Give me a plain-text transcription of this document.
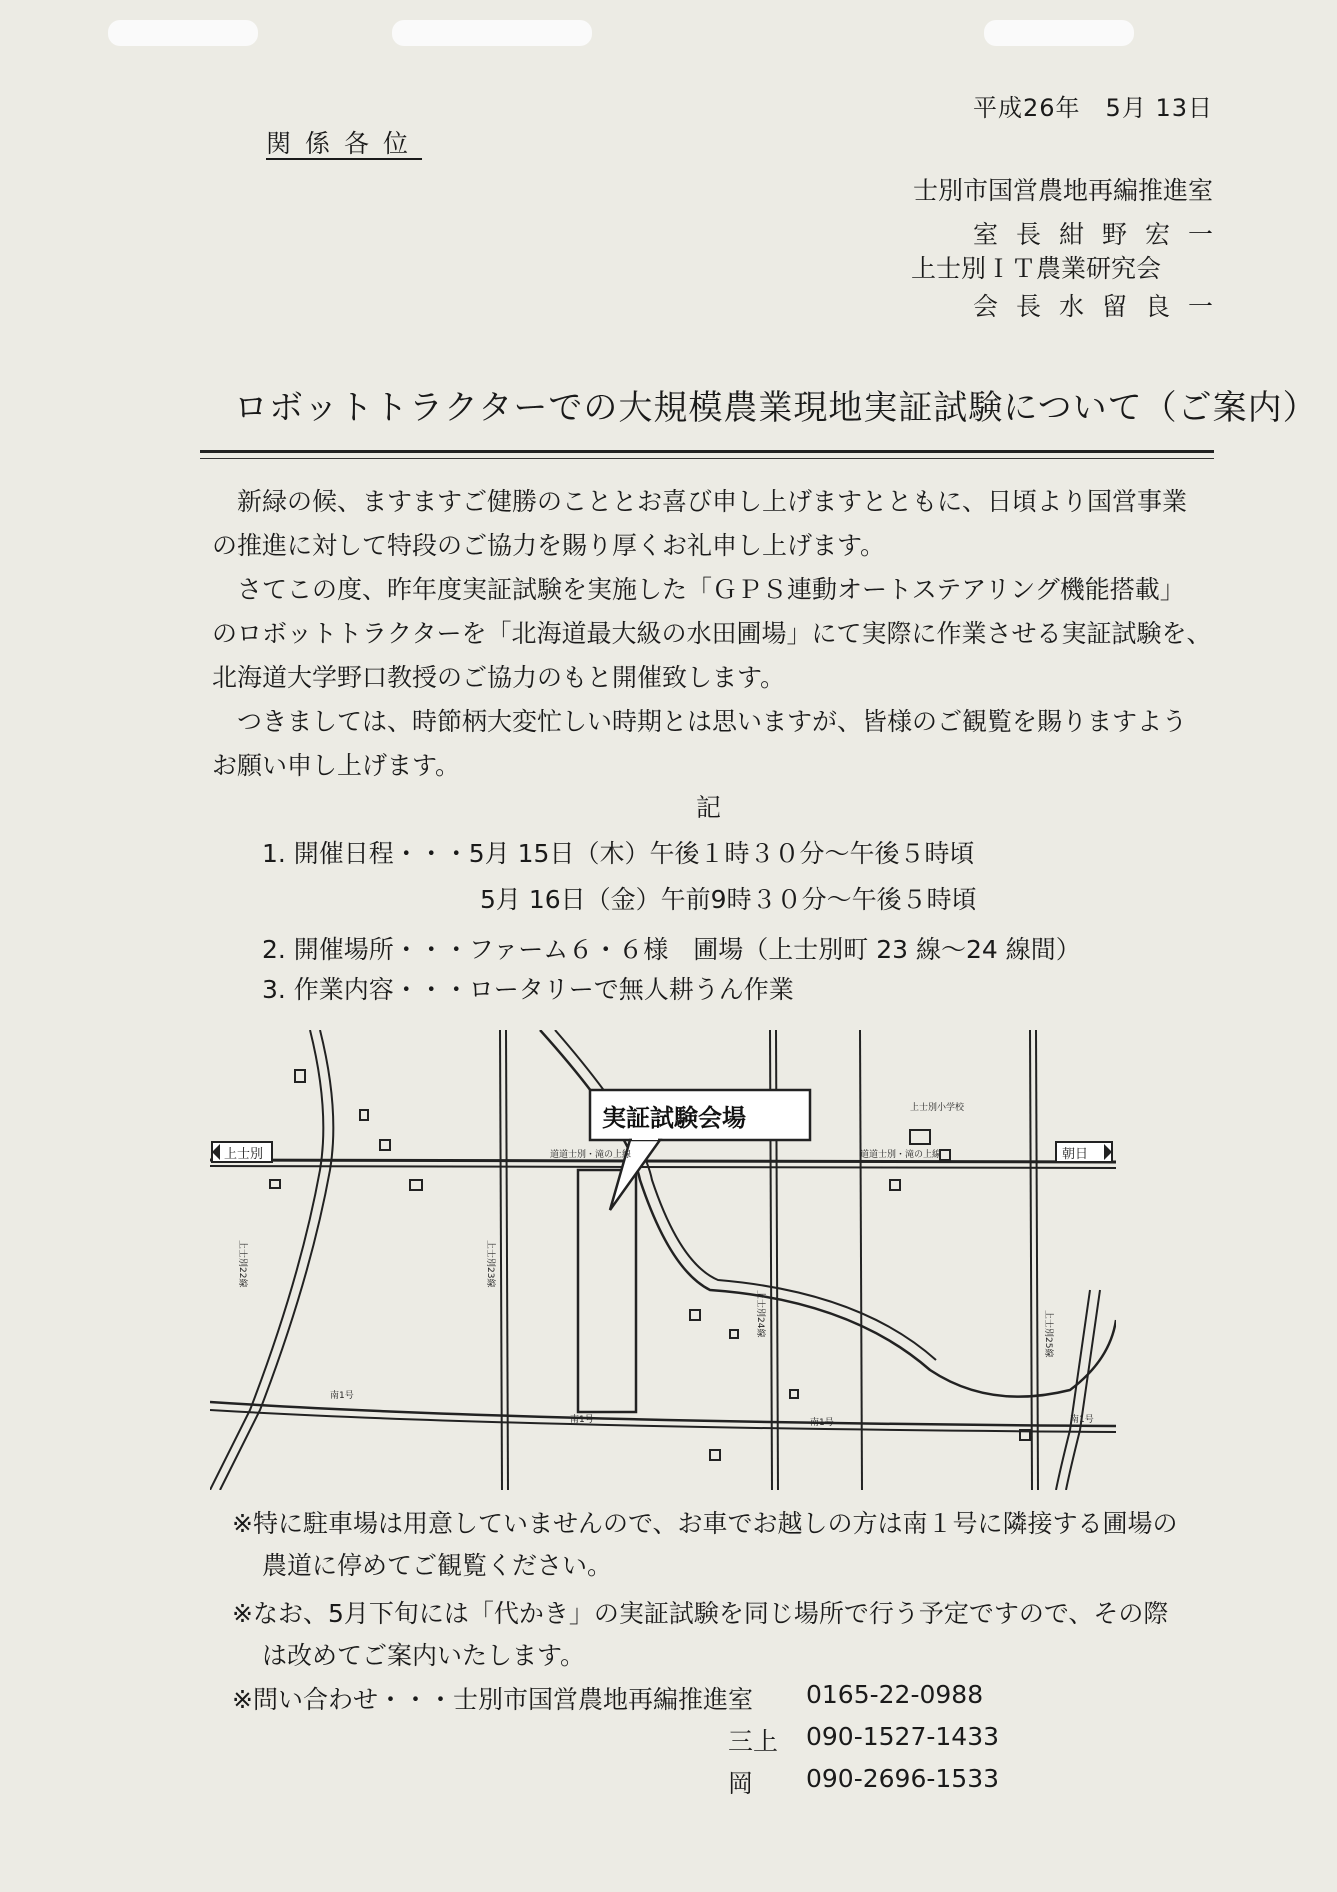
平成26年　5月 13日
関係各位
士別市国営農地再編推進室
室長紺野宏一
上士別ＩＴ農業研究会
会長水留良一
ロボットトラクターでの大規模農業現地実証試験について（ご案内）
新緑の候、ますますご健勝のこととお喜び申し上げますとともに、日頃より国営事業
の推進に対して特段のご協力を賜り厚くお礼申し上げます。
さてこの度、昨年度実証試験を実施した「ＧＰＳ連動オートステアリング機能搭載」
のロボットトラクターを「北海道最大級の水田圃場」にて実際に作業させる実証試験を、
北海道大学野口教授のご協力のもと開催致します。
つきましては、時節柄大変忙しい時期とは思いますが、皆様のご観覧を賜りますよう
お願い申し上げます。
記
1. 開催日程・・・5月 15日（木）午後１時３０分～午後５時頃
5月 16日（金）午前9時３０分～午後５時頃
2. 開催場所・・・ファーム６・６様　圃場（上士別町 23 線～24 線間）
3. 作業内容・・・ロータリーで無人耕うん作業
上士別	朝日
実証試験会場
道道士別・滝の上線	道道士別・滝の上線
上士別小学校
南1号
南1号	南1号	南1号
上士別23線
上士別24線	上士別25線
上士別22線
※特に駐車場は用意していませんので、お車でお越しの方は南１号に隣接する圃場の
農道に停めてご観覧ください。
※なお、5月下旬には「代かき」の実証試験を同じ場所で行う予定ですので、その際
は改めてご案内いたします。
※問い合わせ・・・士別市国営農地再編推進室 0165-22-0988
三上 090-1527-1433
岡 090-2696-1533
